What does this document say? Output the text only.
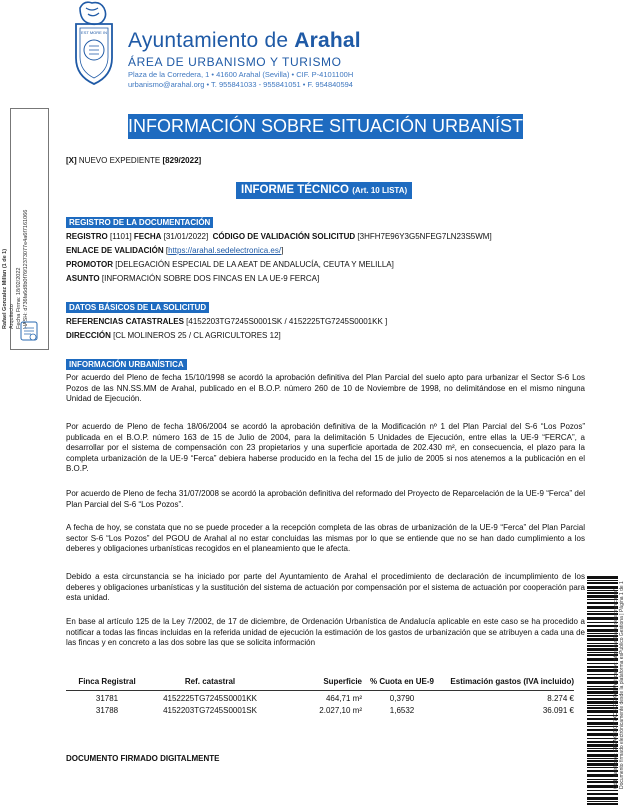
EST MORE IN Ayuntamiento de Arahal
ÁREA DE URBANISMO Y TURISMO
Plaza de la Corredera, 1 • 41600 Arahal (Sevilla) • CIF. P-4101100H
urbanismo@arahal.org • T. 955841033 - 955841051 • F. 954840594
Rafael Gonzalez Millan (1 de 1) Arquitecto Fecha Firma: 18/02/2022 HASH: d736fa6d8b0f76f12373077e4a6f7161066
INFORMACIÓN SOBRE SITUACIÓN URBANÍSTICA
[X] NUEVO EXPEDIENTE [829/2022]
INFORME TÉCNICO (Art. 10 LISTA)
REGISTRO DE LA DOCUMENTACIÓN
REGISTRO [1101] FECHA [31/01/2022] CÓDIGO DE VALIDACIÓN SOLICITUD [3HFH7E96Y3G5NFEG7LN23S5WM]
ENLACE DE VALIDACIÓN [https://arahal.sedelectronica.es/]
PROMOTOR [DELEGACIÓN ESPECIAL DE LA AEAT DE ANDALUCÍA, CEUTA Y MELILLA]
ASUNTO [INFORMACIÓN SOBRE DOS FINCAS EN LA UE-9 FERCA]
DATOS BÁSICOS DE LA SOLICITUD
REFERENCIAS CATASTRALES [4152203TG7245S0001SK / 4152225TG7245S0001KK ]
DIRECCIÓN [CL MOLINEROS 25 / CL AGRICULTORES 12]
INFORMACIÓN URBANÍSTICA
Por acuerdo del Pleno de fecha 15/10/1998 se acordó la aprobación definitiva del Plan Parcial del suelo apto para urbanizar el Sector S-6 Los Pozos de las NN.SS.MM de Arahal, publicado en el B.O.P. número 260 de 10 de Noviembre de 1998, no delimitándose en el mismo ninguna Unidad de Ejecución.
Por acuerdo de Pleno de fecha 18/06/2004 se acordó la aprobación definitiva de la Modificación nº 1 del Plan Parcial del S-6 “Los Pozos” publicada en el B.O.P. número 163 de 15 de Julio de 2004, para la delimitación 5 Unidades de Ejecución, entre ellas la UE-9 “FERCA”, a desarrollar por el sistema de compensación con 23 propietarios y una superficie aportada de 202.430 m², en consecuencia, el plazo para la completa urbanización de la UE-9 “Ferca” debiera haberse producido en la fecha del 15 de julio de 2005 si nos atenemos a la publicación en el B.O.P.
Por acuerdo de Pleno de fecha 31/07/2008 se acordó la aprobación definitiva del reformado del Proyecto de Reparcelación de la UE-9 “Ferca” del Plan Parcial del S-6 “Los Pozos”.
A fecha de hoy, se constata que no se puede proceder a la recepción completa de las obras de urbanización de la UE-9 “Ferca” del Plan Parcial sector S-6 “Los Pozos” del PGOU de Arahal al no estar concluidas las mismas por lo que se entiende que no se han dado cumplimiento a los deberes y obligaciones urbanísticas recogidos en el planeamiento que le afecta.
Debido a esta circunstancia se ha iniciado por parte del Ayuntamiento de Arahal el procedimiento de declaración de incumplimiento de los deberes y obligaciones urbanísticas y la sustitución del sistema de actuación por compensación por el sistema de actuación por cooperación para esta unidad.
En base al artículo 125 de la Ley 7/2002, de 17 de diciembre, de Ordenación Urbanística de Andalucía aplicable en este caso se ha procedido a notificar a todas las fincas incluidas en la referida unidad de ejecución la estimación de los gastos de urbanización que se atribuyen a cada una de las fincas y en concreto a las dos sobre las que se solicita información
Finca Registral	Ref. catastral	Superficie	% Cuota en UE-9	Estimación gastos (IVA incluido)
31781	4152225TG7245S0001KK	464,71 m²	0,3790	8.274 €
31788	4152203TG7245S0001SK	2.027,10 m²	1,6532	36.091 €
DOCUMENTO FIRMADO DIGITALMENTE	Cód. Validación: EP9AK2DCD7XC3KPGKA | Verificación: https://arahal.sedelectronica.es/ Documento firmado electrónicamente desde la plataforma esPublico Gestiona | Página 1 de 1
